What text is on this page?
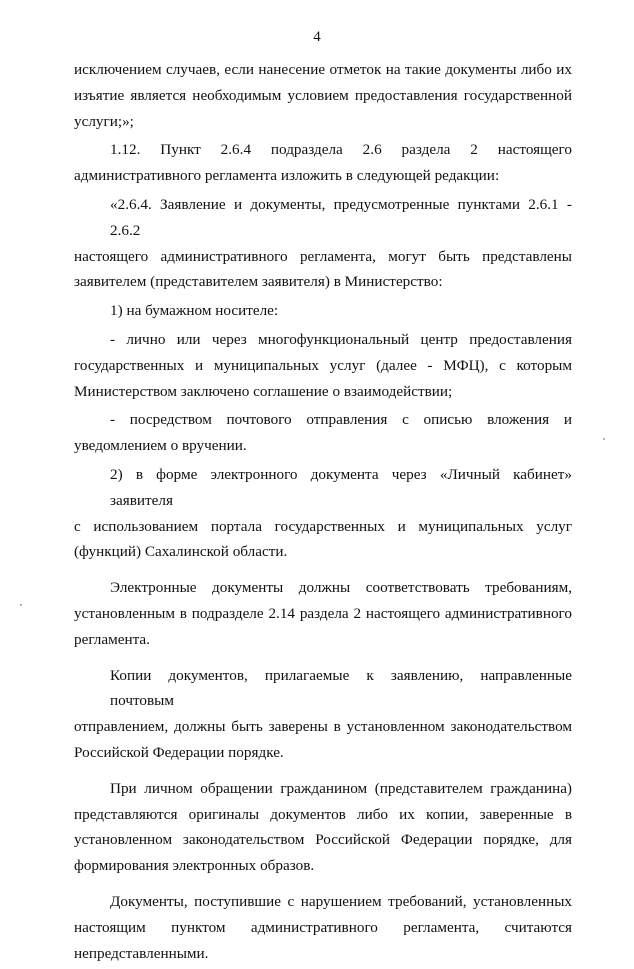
4
исключением случаев, если нанесение отметок на такие документы либо их
изъятие является необходимым условием предоставления государственной
услуги;»;
1.12. Пункт 2.6.4 подраздела 2.6 раздела 2 настоящего
административного регламента изложить в следующей редакции:
«2.6.4. Заявление и документы, предусмотренные пунктами 2.6.1 - 2.6.2
настоящего административного регламента, могут быть представлены
заявителем (представителем заявителя) в Министерство:
1) на бумажном носителе:
- лично или через многофункциональный центр предоставления
государственных и муниципальных услуг (далее - МФЦ), с которым
Министерством заключено соглашение о взаимодействии;
- посредством почтового отправления с описью вложения и
уведомлением о вручении.
2) в форме электронного документа через «Личный кабинет» заявителя
с использованием портала государственных и муниципальных услуг
(функций) Сахалинской области.
Электронные документы должны соответствовать требованиям,
установленным в подразделе 2.14 раздела 2 настоящего административного
регламента.
Копии документов, прилагаемые к заявлению, направленные почтовым
отправлением, должны быть заверены в установленном законодательством
Российской Федерации порядке.
При личном обращении гражданином (представителем гражданина)
представляются оригиналы документов либо их копии, заверенные в
установленном законодательством Российской Федерации порядке, для
формирования электронных образов.
Документы, поступившие с нарушением требований, установленных
настоящим пунктом административного регламента, считаются
непредставленными.
